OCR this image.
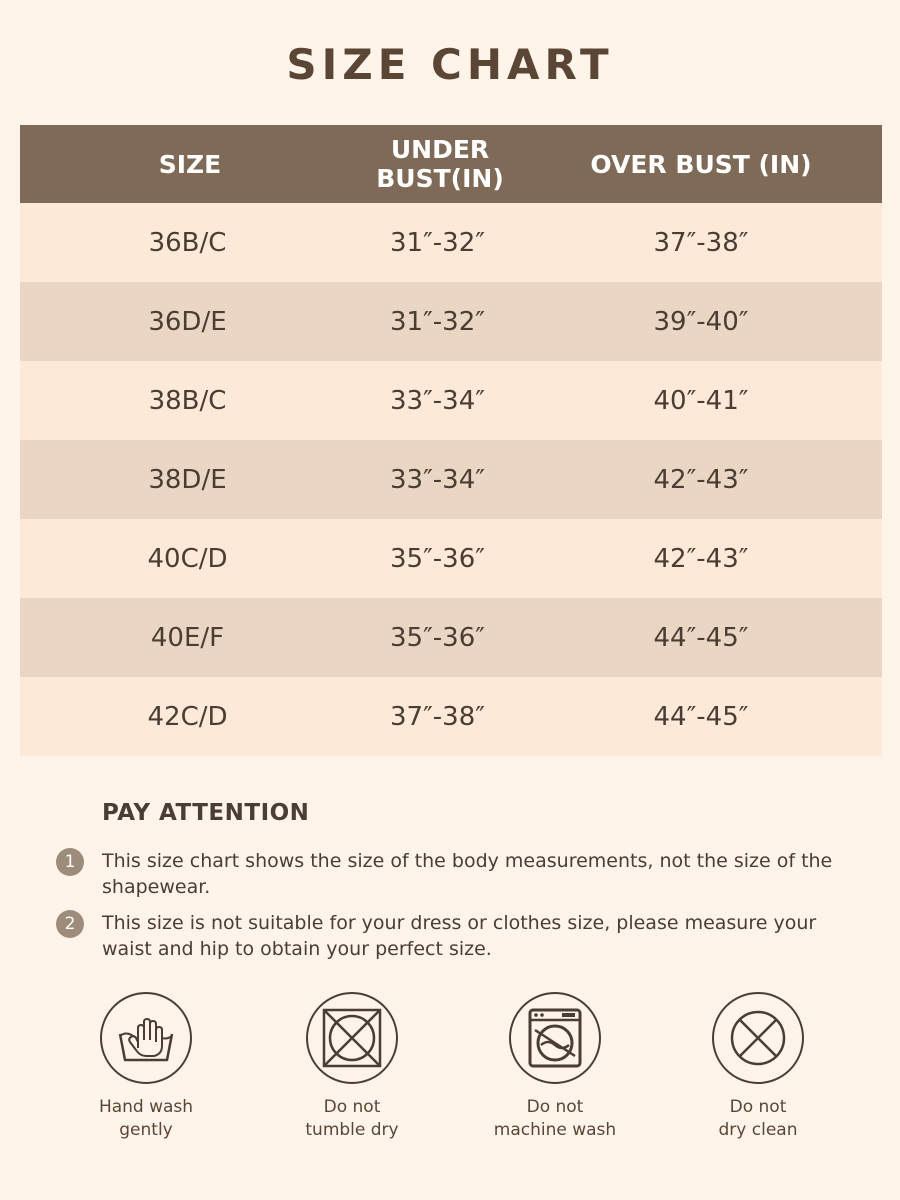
SIZE CHART
SIZE	UNDER BUST(IN)	OVER BUST (IN)
36B/C	31″-32″	37″-38″
36D/E	31″-32″	39″-40″
38B/C	33″-34″	40″-41″
38D/E	33″-34″	42″-43″
40C/D	35″-36″	42″-43″
40E/F	35″-36″	44″-45″
42C/D	37″-38″	44″-45″
PAY ATTENTION
1	This size chart shows the size of the body measurements, not the size of the shapewear.
2	This size is not suitable for your dress or clothes size, please measure your waist and hip to obtain your perfect size.
Hand wash
gently
Do not
tumble dry
Do not
machine wash
Do not
dry clean
